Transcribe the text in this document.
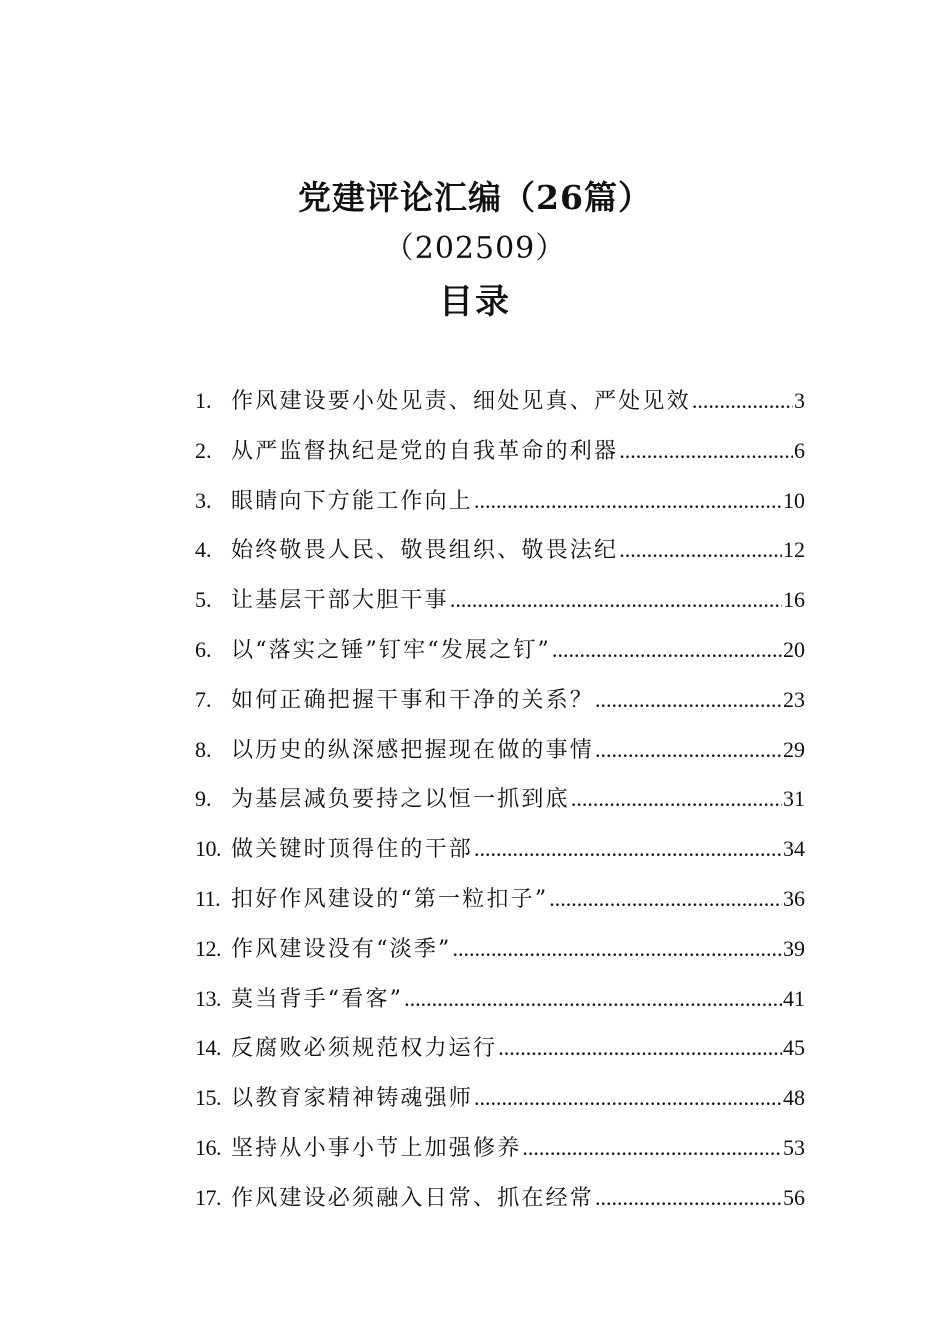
党建评论汇编（26篇）
（202509）
目录
1. 作风建设要小处见责、细处见真、严处见效 .....	3
2. 从严监督执纪是党的自我革命的利器 .....	6
3. 眼睛向下方能工作向上 .....	10
4. 始终敬畏人民、敬畏组织、敬畏法纪 .....	12
5. 让基层干部大胆干事 .....	16
6. 以“落实之锤”钉牢“发展之钉” .....	20
7. 如何正确把握干事和干净的关系？ .....	23
8. 以历史的纵深感把握现在做的事情 .....	29
9. 为基层减负要持之以恒一抓到底 .....	31
10. 做关键时顶得住的干部 .....	34
11. 扣好作风建设的“第一粒扣子” .....	36
12. 作风建设没有“淡季” .....	39
13. 莫当背手“看客” .....	41
14. 反腐败必须规范权力运行 .....	45
15. 以教育家精神铸魂强师 .....	48
16. 坚持从小事小节上加强修养 .....	53
17. 作风建设必须融入日常、抓在经常 .....	56
